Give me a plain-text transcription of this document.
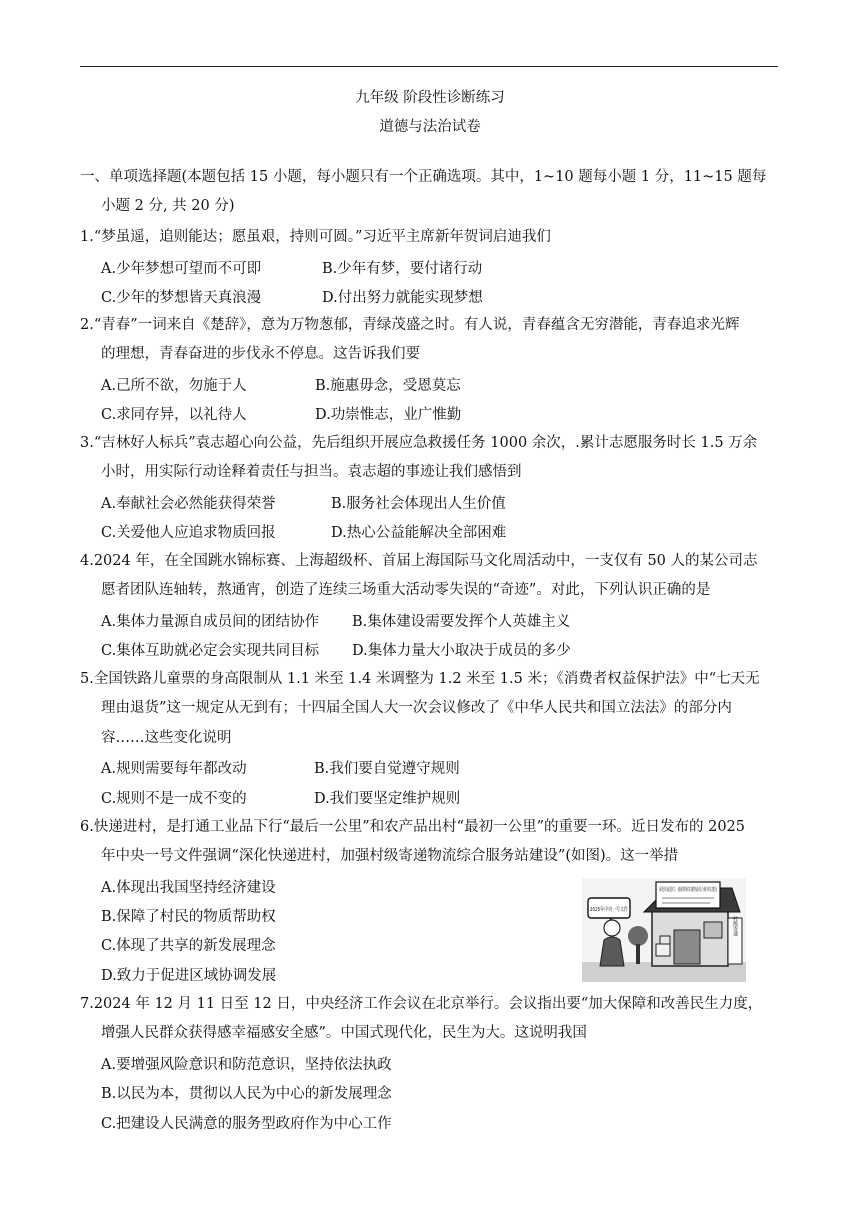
九年级 阶段性诊断练习
道德与法治试卷
一、单项选择题(本题包括 15 小题，每小题只有一个正确选项。其中，1~10 题每小题 1 分，11~15 题每
小题 2 分, 共 20 分)
1.“梦虽遥，追则能达；愿虽艰，持则可圆。”习近平主席新年贺词启迪我们
A.少年梦想可望而不可即	B.少年有梦，要付诸行动
C.少年的梦想皆天真浪漫	D.付出努力就能实现梦想
2.“青春”一词来自《楚辞》，意为万物葱郁，青绿茂盛之时。有人说，青春蕴含无穷潜能，青春追求光辉
的理想，青春奋进的步伐永不停息。这告诉我们要
A.己所不欲，勿施于人	B.施惠毋念，受恩莫忘
C.求同存异，以礼待人	D.功崇惟志，业广惟勤
3.“吉林好人标兵”袁志超心向公益，先后组织开展应急救援任务 1000 余次，.累计志愿服务时长 1.5 万余
小时，用实际行动诠释着责任与担当。袁志超的事迹让我们感悟到
A.奉献社会必然能获得荣誉	B.服务社会体现出人生价值
C.关爱他人应追求物质回报	D.热心公益能解决全部困难
4.2024 年，在全国跳水锦标赛、上海超级杯、首届上海国际马文化周活动中，一支仅有 50 人的某公司志
愿者团队连轴转，熬通宵，创造了连续三场重大活动零失误的“奇迹”。对此，下列认识正确的是
A.集体力量源自成员间的团结协作 B.集体建设需要发挥个人英雄主义
C.集体互助就必定会实现共同目标 D.集体力量大小取决于成员的多少
5.全国铁路儿童票的身高限制从 1.1 米至 1.4 米调整为 1.2 米至 1.5 米；《消费者权益保护法》中“七天无
理由退货”这一规定从无到有；十四届全国人大一次会议修改了《中华人民共和国立法法》的部分内
容……这些变化说明
A.规则需要每年都改动	B.我们要自觉遵守规则
C.规则不是一成不变的	D.我们要坚定维护规则
6.快递进村，是打通工业品下行“最后一公里”和农产品出村“最初一公里”的重要一环。近日发布的 2025
年中央一号文件强调“深化快递进村，加强村级寄递物流综合服务站建设”(如图)。这一举措
A.体现出我国坚持经济建设
B.保障了村民的物质帮助权
C.体现了共享的新发展理念
D.致力于促进区域协调发展
深化快递进村，加强村级寄递物流综合服务站建设
村级寄递
2025年中央一号文件
7.2024 年 12 月 11 日至 12 日，中央经济工作会议在北京举行。会议指出要“加大保障和改善民生力度，
增强人民群众获得感幸福感安全感”。中国式现代化，民生为大。这说明我国
A.要增强风险意识和防范意识，坚持依法执政
B.以民为本，贯彻以人民为中心的新发展理念
C.把建设人民满意的服务型政府作为中心工作
